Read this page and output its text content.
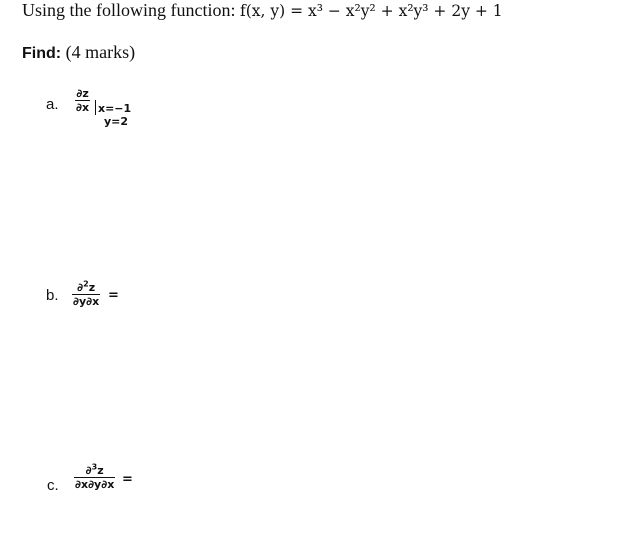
Using the following function: f(x, y) = x³ − x²y² + x²y³ + 2y + 1
Find: (4 marks)
a. $\frac{\partial z}{\partial x} x=-1$
y=2
b. $\frac{\partial^2z}{\partial y\partial x}$ =
c. $\frac{\partial^3z}{\partial x\partial y\partial x}$ =
